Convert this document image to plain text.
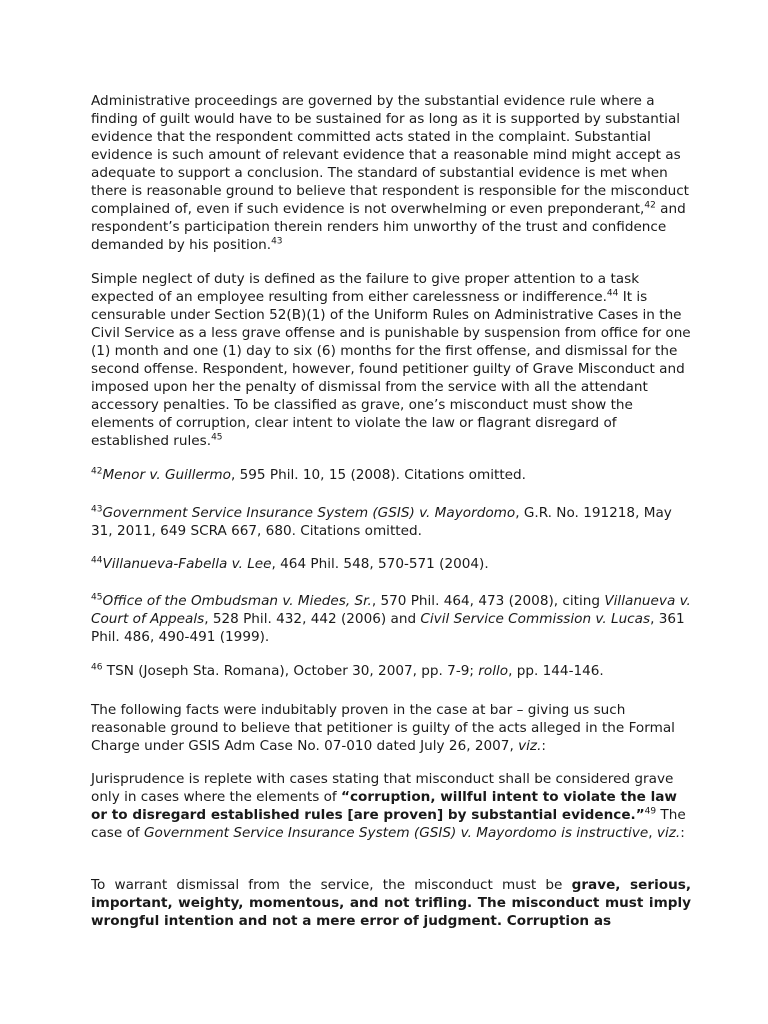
Administrative proceedings are governed by the substantial evidence rule where a finding of guilt would have to be sustained for as long as it is supported by substantial evidence that the respondent committed acts stated in the complaint. Substantial evidence is such amount of relevant evidence that a reasonable mind might accept as adequate to support a conclusion. The standard of substantial evidence is met when there is reasonable ground to believe that respondent is responsible for the misconduct complained of, even if such evidence is not overwhelming or even preponderant,$^{42}$ and respondent’s participation therein renders him unworthy of the trust and confidence demanded by his position.$^{43}$

Simple neglect of duty is defined as the failure to give proper attention to a task expected of an employee resulting from either carelessness or indifference.$^{44}$ It is censurable under Section 52(B)(1) of the Uniform Rules on Administrative Cases in the Civil Service as a less grave offense and is punishable by suspension from office for one (1) month and one (1) day to six (6) months for the first offense, and dismissal for the second offense. Respondent, however, found petitioner guilty of Grave Misconduct and imposed upon her the penalty of dismissal from the service with all the attendant accessory penalties. To be classified as grave, one’s misconduct must show the elements of corruption, clear intent to violate the law or flagrant disregard of established rules.$^{45}$

$^{42}$Menor v. Guillermo, 595 Phil. 10, 15 (2008). Citations omitted.

$^{43}$Government Service Insurance System (GSIS) v. Mayordomo, G.R. No. 191218, May 31, 2011, 649 SCRA 667, 680. Citations omitted.

$^{44}$Villanueva-Fabella v. Lee, 464 Phil. 548, 570-571 (2004).

$^{45}$Office of the Ombudsman v. Miedes, Sr., 570 Phil. 464, 473 (2008), citing Villanueva v. Court of Appeals, 528 Phil. 432, 442 (2006) and Civil Service Commission v. Lucas, 361 Phil. 486, 490-491 (1999).

$^{46}$ TSN (Joseph Sta. Romana), October 30, 2007, pp. 7-9; rollo, pp. 144-146.

The following facts were indubitably proven in the case at bar – giving us such reasonable ground to believe that petitioner is guilty of the acts alleged in the Formal Charge under GSIS Adm Case No. 07-010 dated July 26, 2007, viz.:

Jurisprudence is replete with cases stating that misconduct shall be considered grave only in cases where the elements of “corruption, willful intent to violate the law or to disregard established rules [are proven] by substantial evidence.”$^{49}$ The case of Government Service Insurance System (GSIS) v. Mayordomo is instructive, viz.:

To warrant dismissal from the service, the misconduct must be grave, serious, important, weighty, momentous, and not trifling. The misconduct must imply wrongful intention and not a mere error of judgment. Corruption as
